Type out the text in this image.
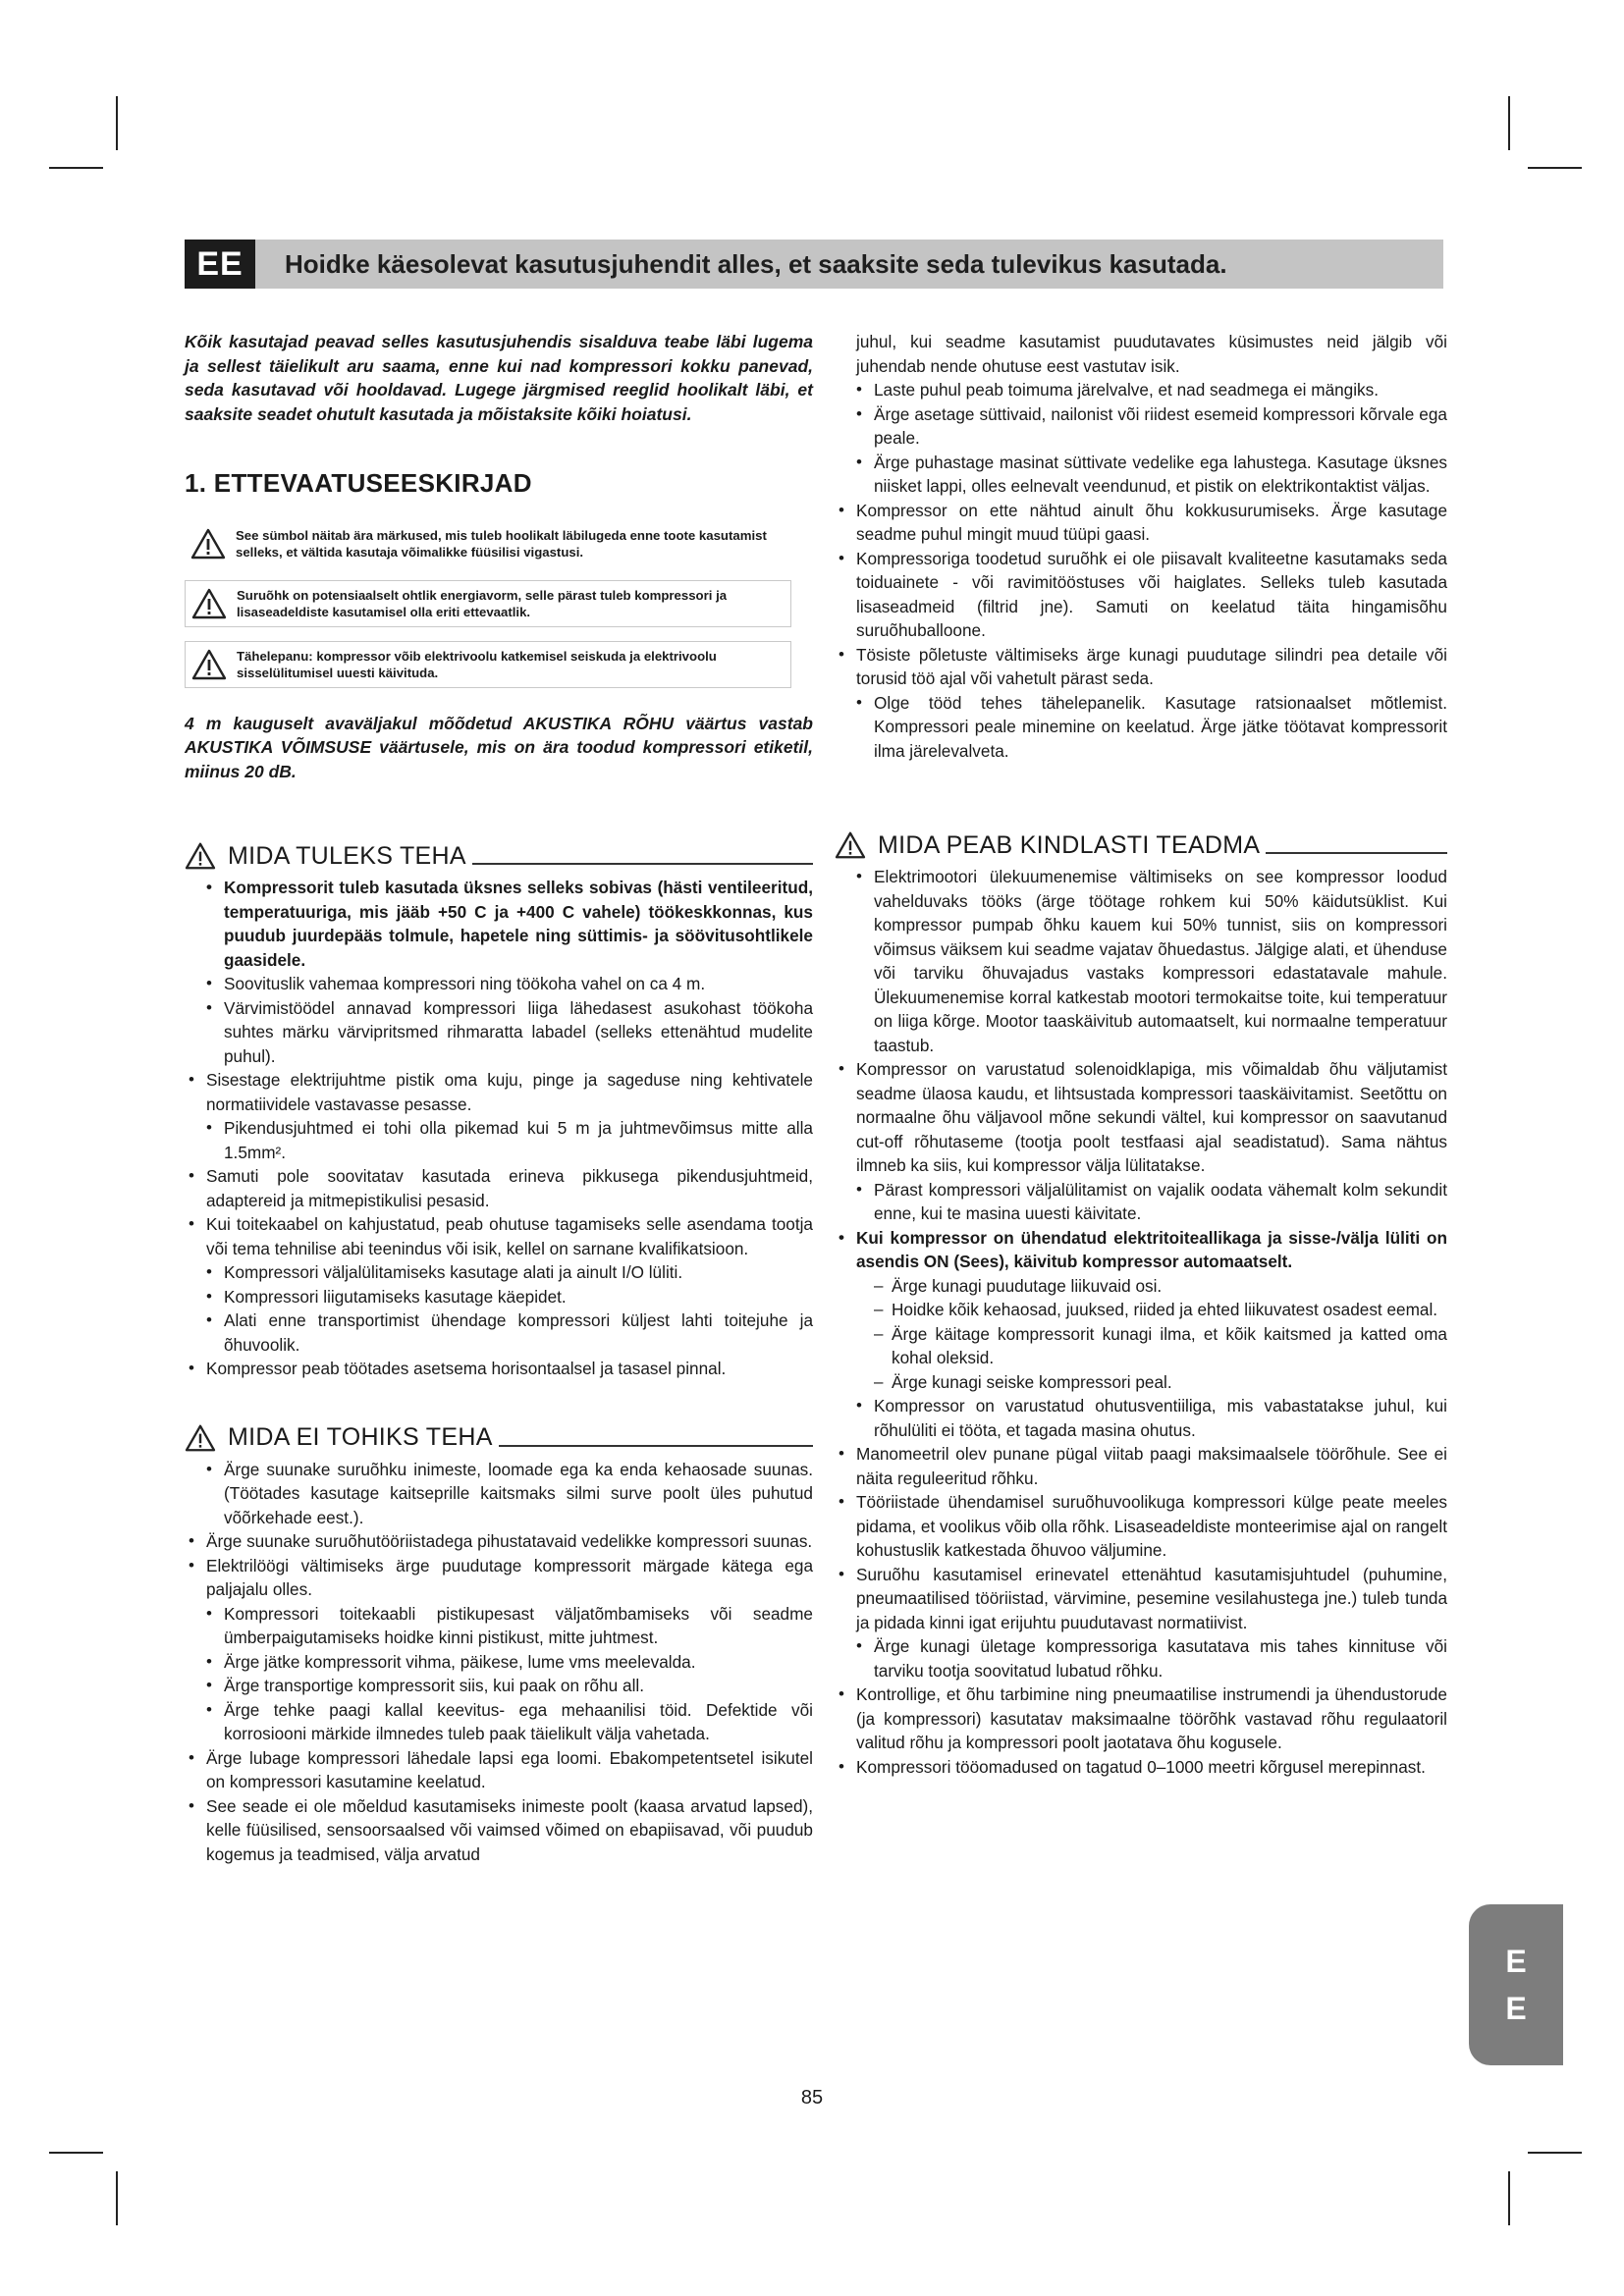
EE	Hoidke käesolevat kasutusjuhendit alles, et saaksite seda tulevikus kasutada.

Kõik kasutajad peavad selles kasutusjuhendis sisalduva teabe läbi lugema ja sellest täielikult aru saama, enne kui nad kompressori kokku panevad, seda kasutavad või hooldavad. Lugege järgmised reeglid hoolikalt läbi, et saaksite seadet ohutult kasutada ja mõistaksite kõiki hoiatusi.

1. ETTEVAATUSEESKIRJAD
See sümbol näitab ära märkused, mis tuleb hoolikalt läbilugeda enne toote kasutamist selleks, et vältida kasutaja võimalikke füüsilisi vigastusi.
Suruõhk on potensiaalselt ohtlik energiavorm, selle pärast tuleb kompressori ja lisaseadeldiste kasutamisel olla eriti ettevaatlik.
Tähelepanu: kompressor võib elektrivoolu katkemisel seiskuda ja elektrivoolu sisselülitumisel uuesti käivituda.

4 m kauguselt avaväljakul mõõdetud AKUSTIKA RÕHU väärtus vastab AKUSTIKA VÕIMSUSE väärtusele, mis on ära toodud kompressori etiketil, miinus 20 dB.

MIDA TULEKS TEHA
• Kompressorit tuleb kasutada üksnes selleks sobivas (hästi ventileeritud, temperatuuriga, mis jääb +50 C ja +400 C vahele) töökeskkonnas, kus puudub juurdepääs tolmule, hapetele ning süttimis- ja söövitusohtlikele gaasidele.
• Soovituslik vahemaa kompressori ning töökoha vahel on ca 4 m.
• Värvimistöödel annavad kompressori liiga lähedasest asukohast töökoha suhtes märku värvipritsmed rihmaratta labadel (selleks ettenähtud mudelite puhul).
• Sisestage elektrijuhtme pistik oma kuju, pinge ja sageduse ning kehtivatele normatiividele vastavasse pesasse.
• Pikendusjuhtmed ei tohi olla pikemad kui 5 m ja juhtmevõimsus mitte alla 1.5mm².
• Samuti pole soovitatav kasutada erineva pikkusega pikendusjuhtmeid, adaptereid ja mitmepistikulisi pesasid.
• Kui toitekaabel on kahjustatud, peab ohutuse tagamiseks selle asendama tootja või tema tehnilise abi teenindus või isik, kellel on sarnane kvalifikatsioon.
• Kompressori väljalülitamiseks kasutage alati ja ainult I/O lüliti.
• Kompressori liigutamiseks kasutage käepidet.
• Alati enne transportimist ühendage kompressori küljest lahti toitejuhe ja õhuvoolik.
• Kompressor peab töötades asetsema horisontaalsel ja tasasel pinnal.
MIDA EI TOHIKS TEHA
• Ärge suunake suruõhku inimeste, loomade ega ka enda kehaosade suunas. (Töötades kasutage kaitseprille kaitsmaks silmi surve poolt üles puhutud võõrkehade eest.).
• Ärge suunake suruõhutööriistadega pihustatavaid vedelikke kompressori suunas.
• Elektrilöögi vältimiseks ärge puudutage kompressorit märgade kätega ega paljajalu olles.
• Kompressori toitekaabli pistikupesast väljatõmbamiseks või seadme ümberpaigutamiseks hoidke kinni pistikust, mitte juhtmest.
• Ärge jätke kompressorit vihma, päikese, lume vms meelevalda.
• Ärge transportige kompressorit siis, kui paak on rõhu all.
• Ärge tehke paagi kallal keevitus- ega mehaanilisi töid. Defektide või korrosiooni märkide ilmnedes tuleb paak täielikult välja vahetada.
• Ärge lubage kompressori lähedale lapsi ega loomi. Ebakompetentsetel isikutel on kompressori kasutamine keelatud.
• See seade ei ole mõeldud kasutamiseks inimeste poolt (kaasa arvatud lapsed), kelle füüsilised, sensoorsaalsed või vaimsed võimed on ebapiisavad, või puudub kogemus ja teadmised, välja arvatud
juhul, kui seadme kasutamist puudutavates küsimustes neid jälgib või juhendab nende ohutuse eest vastutav isik.
• Laste puhul peab toimuma järelvalve, et nad seadmega ei mängiks.
• Ärge asetage süttivaid, nailonist või riidest esemeid kompressori kõrvale ega peale.
• Ärge puhastage masinat süttivate vedelike ega lahustega. Kasutage üksnes niisket lappi, olles eelnevalt veendunud, et pistik on elektrikontaktist väljas.
• Kompressor on ette nähtud ainult õhu kokkusurumiseks. Ärge kasutage seadme puhul mingit muud tüüpi gaasi.
• Kompressoriga toodetud suruõhk ei ole piisavalt kvaliteetne kasutamaks seda toiduainete - või ravimitööstuses või haiglates. Selleks tuleb kasutada lisaseadmeid (filtrid jne). Samuti on keelatud täita hingamisõhu suruõhuballoone.
• Tösiste põletuste vältimiseks ärge kunagi puudutage silindri pea detaile või torusid töö ajal või vahetult pärast seda.
• Olge tööd tehes tähelepanelik. Kasutage ratsionaalset mõtlemist. Kompressori peale minemine on keelatud. Ärge jätke töötavat kompressorit ilma järelevalveta.
MIDA PEAB KINDLASTI TEADMA
• Elektrimootori ülekuumenemise vältimiseks on see kompressor loodud vahelduvaks tööks (ärge töötage rohkem kui 50% käidutsüklist. Kui kompressor pumpab õhku kauem kui 50% tunnist, siis on kompressori võimsus väiksem kui seadme vajatav õhuedastus. Jälgige alati, et ühenduse või tarviku õhuvajadus vastaks kompressori edastatavale mahule. Ülekuumenemise korral katkestab mootori termokaitse toite, kui temperatuur on liiga kõrge. Mootor taaskäivitub automaatselt, kui normaalne temperatuur taastub.
• Kompressor on varustatud solenoidklapiga, mis võimaldab õhu väljutamist seadme ülaosa kaudu, et lihtsustada kompressori taaskäivitamist. Seetõttu on normaalne õhu väljavool mõne sekundi vältel, kui kompressor on saavutanud cut-off rõhutaseme (tootja poolt testfaasi ajal seadistatud). Sama nähtus ilmneb ka siis, kui kompressor välja lülitatakse.
• Pärast kompressori väljalülitamist on vajalik oodata vähemalt kolm sekundit enne, kui te masina uuesti käivitate.
• Kui kompressor on ühendatud elektritoiteallikaga ja sisse-/välja lüliti on asendis ON (Sees), käivitub kompressor automaatselt.
– Ärge kunagi puudutage liikuvaid osi.
– Hoidke kõik kehaosad, juuksed, riided ja ehted liikuvatest osadest eemal.
– Ärge käitage kompressorit kunagi ilma, et kõik kaitsmed ja katted oma kohal oleksid.
– Ärge kunagi seiske kompressori peal.
• Kompressor on varustatud ohutusventiiliga, mis vabastatakse juhul, kui rõhulüliti ei tööta, et tagada masina ohutus.
• Manomeetril olev punane pügal viitab paagi maksimaalsele töörõhule. See ei näita reguleeritud rõhku.
• Tööriistade ühendamisel suruõhuvoolikuga kompressori külge peate meeles pidama, et voolikus võib olla rõhk. Lisaseadeldiste monteerimise ajal on rangelt kohustuslik katkestada õhuvoo väljumine.
• Suruõhu kasutamisel erinevatel ettenähtud kasutamisjuhtudel (puhumine, pneumaatilised tööriistad, värvimine, pesemine vesilahustega jne.) tuleb tunda ja pidada kinni igat erijuhtu puudutavast normatiivist.
• Ärge kunagi ületage kompressoriga kasutatava mis tahes kinnituse või tarviku tootja soovitatud lubatud rõhku.
• Kontrollige, et õhu tarbimine ning pneumaatilise instrumendi ja ühendustorude (ja kompressori) kasutatav maksimaalne töörõhk vastavad rõhu regulaatoril valitud rõhu ja kompressori poolt jaotatava õhu kogusele.
• Kompressori tööomadused on tagatud 0–1000 meetri kõrgusel merepinnast.
E
E
85
